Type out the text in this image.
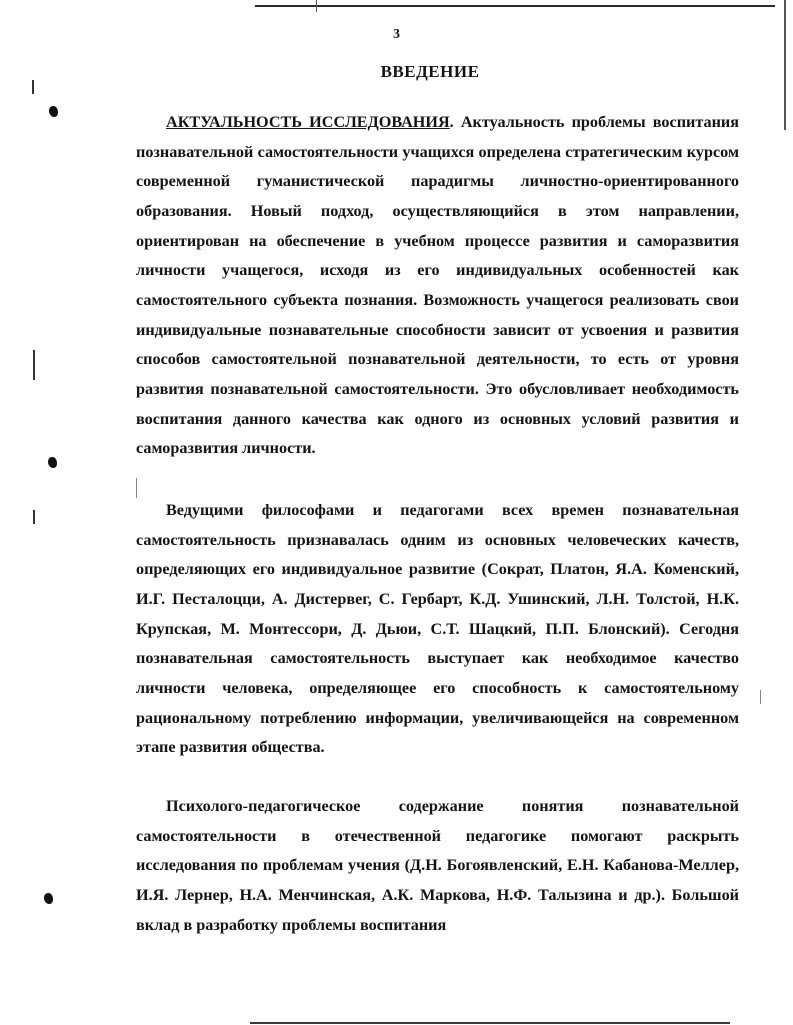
3
ВВЕДЕНИЕ

АКТУАЛЬНОСТЬ ИССЛЕДОВАНИЯ. Актуальность проблемы воспитания познавательной самостоятельности учащихся определена стратегическим курсом современной гуманистической парадигмы личностно-ориентированного образования. Новый подход, осуществляющийся в этом направлении, ориентирован на обеспечение в учебном процессе развития и саморазвития личности учащегося, исходя из его индивидуальных особенностей как самостоятельного субъекта познания. Возможность учащегося реализовать свои индивидуальные познавательные способности зависит от усвоения и развития способов самостоятельной познавательной деятельности, то есть от уровня развития познавательной самостоятельности. Это обусловливает необходимость воспитания данного качества как одного из основных условий развития и саморазвития личности.

Ведущими философами и педагогами всех времен познавательная самостоятельность признавалась одним из основных человеческих качеств, определяющих его индивидуальное развитие (Сократ, Платон, Я.А. Коменский, И.Г. Песталоцци, А. Дистервег, С. Гербарт, К.Д. Ушинский, Л.Н. Толстой, Н.К. Крупская, М. Монтессори, Д. Дьюи, С.Т. Шацкий, П.П. Блонский). Сегодня познавательная самостоятельность выступает как необходимое качество личности человека, определяющее его способность к самостоятельному рациональному потреблению информации, увеличивающейся на современном этапе развития общества.

Психолого-педагогическое содержание понятия познавательной самостоятельности в отечественной педагогике помогают раскрыть исследования по проблемам учения (Д.Н. Богоявленский, Е.Н. Кабанова-Меллер, И.Я. Лернер, Н.А. Менчинская, А.К. Маркова, Н.Ф. Талызина и др.). Большой вклад в разработку проблемы воспитания
